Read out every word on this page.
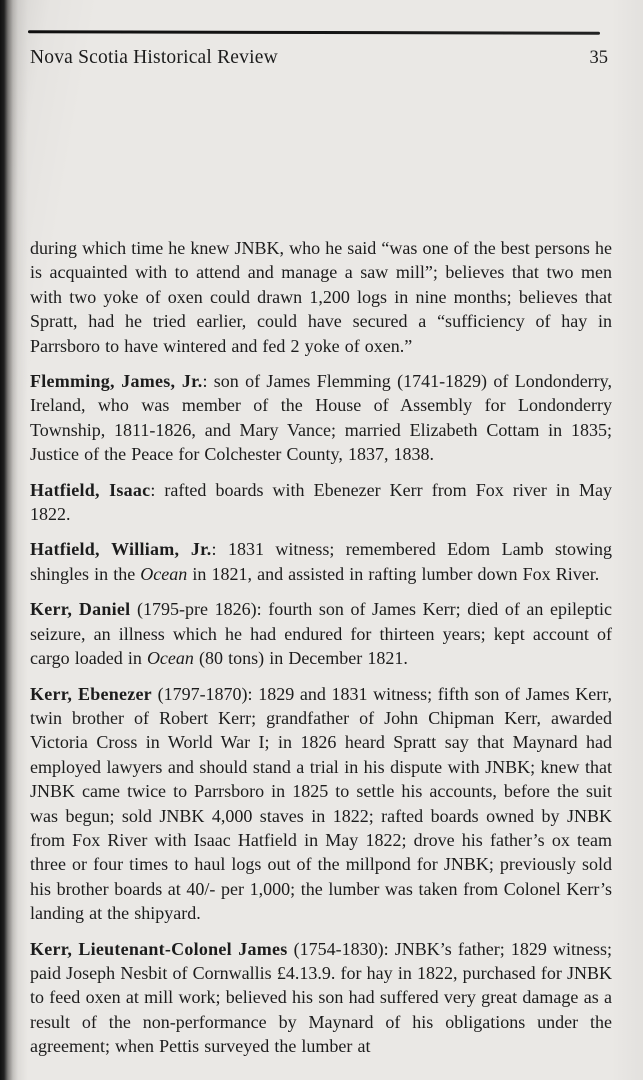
Nova Scotia Historical Review	35

during which time he knew JNBK, who he said “was one of the best persons he is acquainted with to attend and manage a saw mill”; believes that two men with two yoke of oxen could drawn 1,200 logs in nine months; believes that Spratt, had he tried earlier, could have secured a “sufficiency of hay in Parrsboro to have wintered and fed 2 yoke of oxen.”

Flemming, James, Jr.: son of James Flemming (1741-1829) of Londonderry, Ireland, who was member of the House of Assembly for Londonderry Township, 1811-1826, and Mary Vance; married Elizabeth Cottam in 1835; Justice of the Peace for Colchester County, 1837, 1838.

Hatfield, Isaac: rafted boards with Ebenezer Kerr from Fox river in May 1822.

Hatfield, William, Jr.: 1831 witness; remembered Edom Lamb stowing shingles in the Ocean in 1821, and assisted in rafting lumber down Fox River.

Kerr, Daniel (1795-pre 1826): fourth son of James Kerr; died of an epileptic seizure, an illness which he had endured for thirteen years; kept account of cargo loaded in Ocean (80 tons) in December 1821.

Kerr, Ebenezer (1797-1870): 1829 and 1831 witness; fifth son of James Kerr, twin brother of Robert Kerr; grandfather of John Chipman Kerr, awarded Victoria Cross in World War I; in 1826 heard Spratt say that Maynard had employed lawyers and should stand a trial in his dispute with JNBK; knew that JNBK came twice to Parrsboro in 1825 to settle his accounts, before the suit was begun; sold JNBK 4,000 staves in 1822; rafted boards owned by JNBK from Fox River with Isaac Hatfield in May 1822; drove his father’s ox team three or four times to haul logs out of the millpond for JNBK; previously sold his brother boards at 40/- per 1,000; the lumber was taken from Colonel Kerr’s landing at the shipyard.

Kerr, Lieutenant-Colonel James (1754-1830): JNBK’s father; 1829 witness; paid Joseph Nesbit of Cornwallis £4.13.9. for hay in 1822, purchased for JNBK to feed oxen at mill work; believed his son had suffered very great damage as a result of the non-performance by Maynard of his obligations under the agreement; when Pettis surveyed the lumber at
